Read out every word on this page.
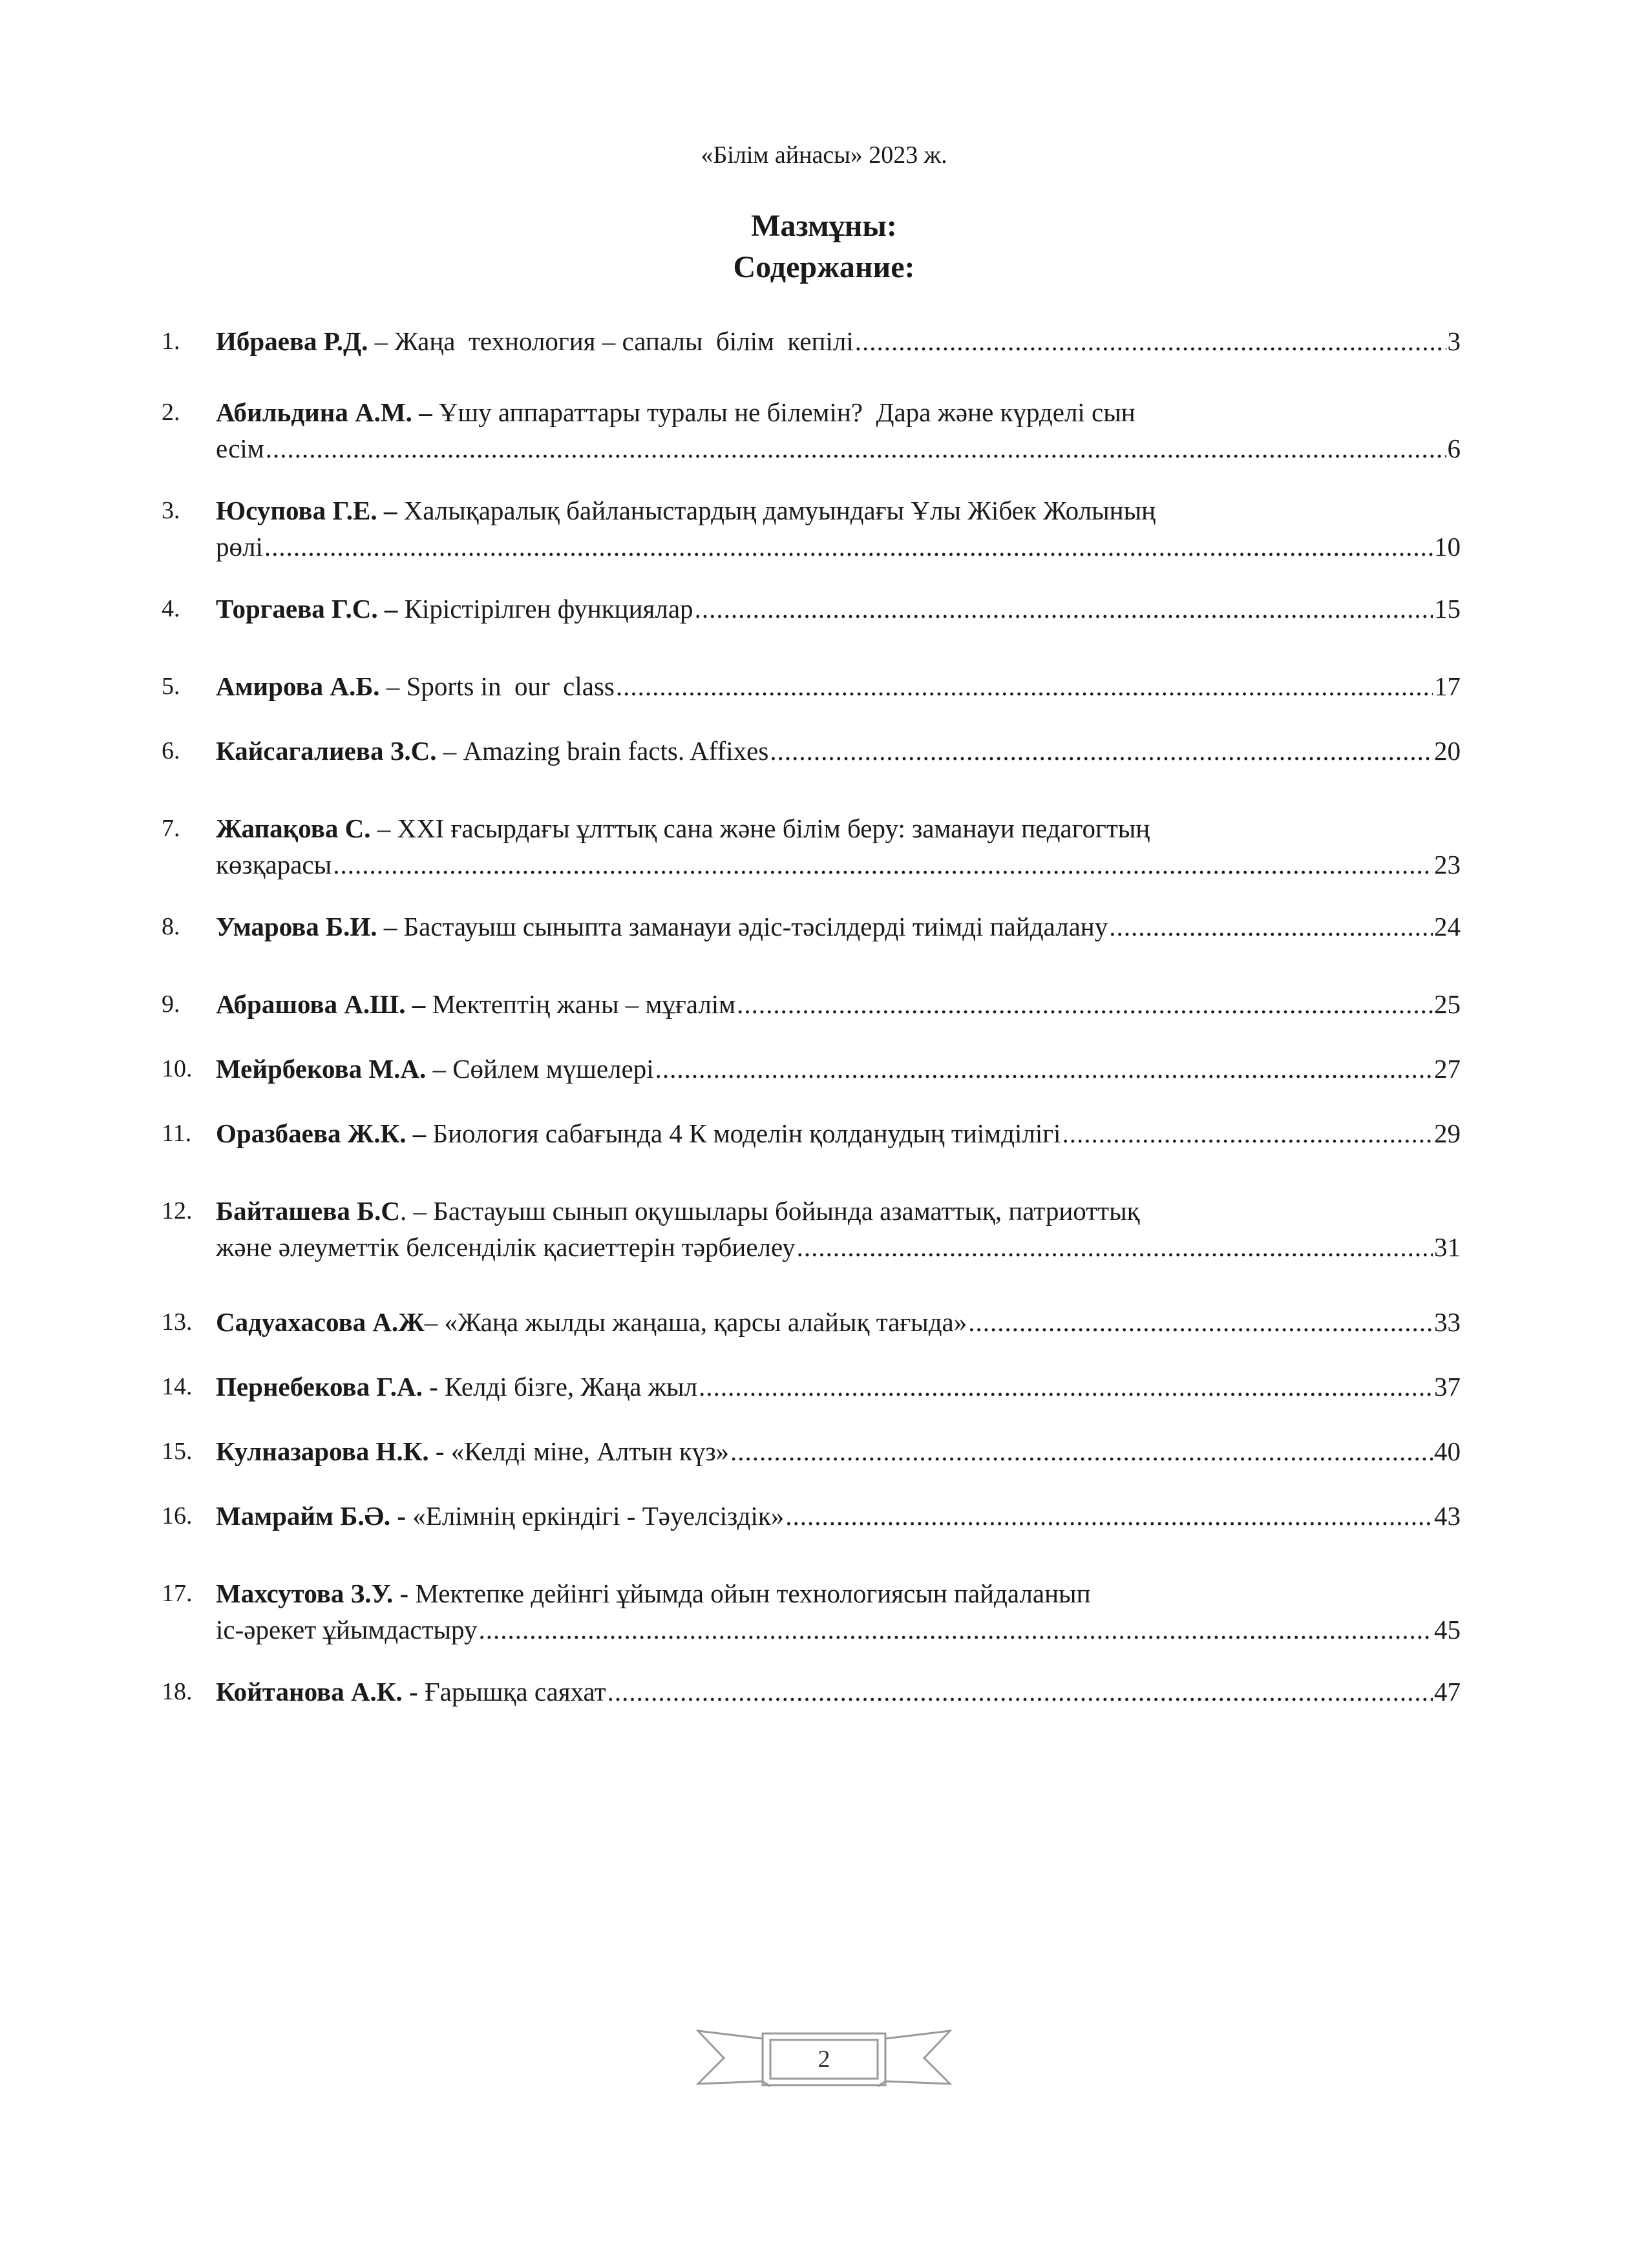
«Білім айнасы» 2023 ж.
Мазмұны:
Содержание:
1.	Ибраева Р.Д. – Жаңа  технология – сапалы  білім  кепілі .....	3
2.	Абильдина А.М. – Ұшу аппараттары туралы не білемін?  Дара және күрделі сын
есім .....	6
3.	Юсупова Г.Е. – Халықаралық байланыстардың дамуындағы Ұлы Жібек Жолының
рөлі .....	10
4.	Торгаева Г.С. – Кірістірілген функциялар .....	15
5.	Амирова А.Б. – Sports in  our  class .....	17
6.	Кайсагалиева З.С. – Amazing brain facts. Affixes .....	20
7.	Жапақова С. – XXI ғасырдағы ұлттық сана және білім беру: заманауи педагогтың
көзқарасы .....	23
8.	Умарова Б.И. – Бастауыш сыныпта заманауи әдіс-тәсілдерді тиімді пайдалану .....	24
9.	Абрашова А.Ш. – Мектептің жаны – мұғалім .....	25
10. Мейрбекова М.А. – Сөйлем мүшелері .....	27
11. Оразбаева Ж.К. – Биология сабағында 4 К моделін қолданудың тиімділігі .....	29
12. Байташева Б.С. – Бастауыш сынып оқушылары бойында азаматтық, патриоттық
және әлеуметтік белсенділік қасиеттерін тәрбиелеу .....	31
13. Садуахасова А.Ж– «Жаңа жылды жаңаша, қарсы алайық тағыда» .....	33
14. Пернебекова Г.А. - Келді бізге, Жаңа жыл .....	37
15. Кулназарова Н.К. - «Келді міне, Алтын күз» .....	40
16. Мамрайм Б.Ә. - «Елімнің еркіндігі - Тәуелсіздік» .....	43
17. Махсутова З.У. - Мектепке дейінгі ұйымда ойын технологиясын пайдаланып
іс-әрекет ұйымдастыру .....	45
18. Койтанова А.К. - Ғарышқа саяхат .....	47
2
